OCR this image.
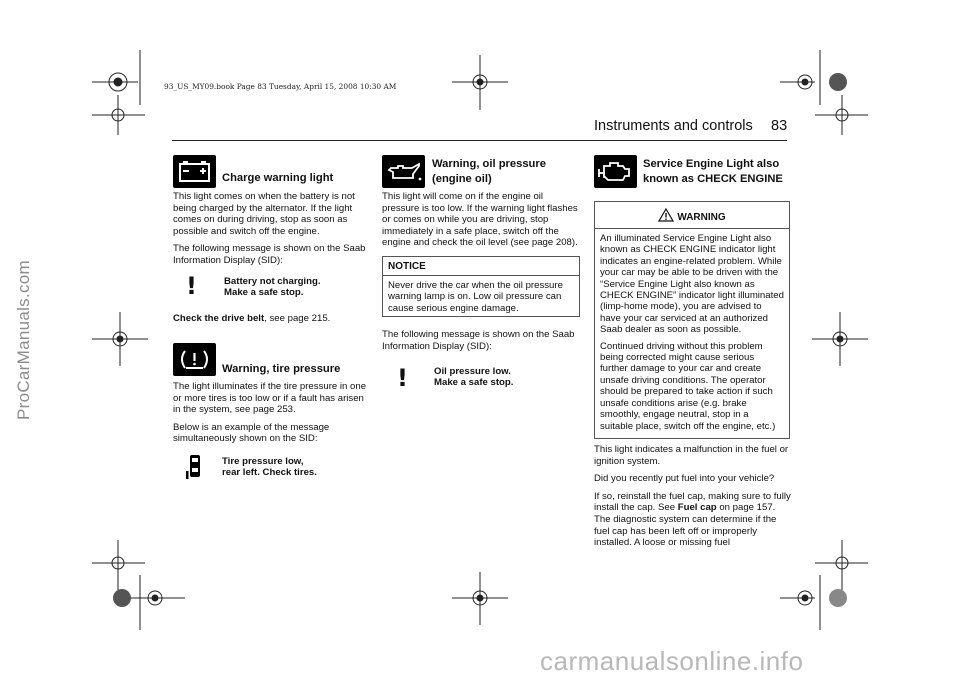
93_US_MY09.book Page 83 Tuesday, April 15, 2008 10:30 AM
ProCarManuals.com
carmanualsonline.info
Instruments and controls 83
Charge warning light

This light comes on when the battery is not being charged by the alternator. If the light comes on during driving, stop as soon as possible and switch off the engine.

The following message is shown on the Saab Information Display (SID):

!	Battery not charging.
Make a safe stop.
Check the drive belt, see page 215.
Warning, tire pressure

The light illuminates if the tire pressure in one or more tires is too low or if a fault has arisen in the system, see page 253.

Below is an example of the message simultaneously shown on the SID:

Tire pressure low,
rear left. Check tires.
Warning, oil pressure
(engine oil)

This light will come on if the engine oil pressure is too low. If the warning light flashes or comes on while you are driving, stop immediately in a safe place, switch off the engine and check the oil level (see page 208).

NOTICE
Never drive the car when the oil pressure warning lamp is on. Low oil pressure can cause serious engine damage.

The following message is shown on the Saab Information Display (SID):

!	Oil pressure low.
Make a safe stop.
Service Engine Light also
known as CHECK ENGINE
WARNING

An illuminated Service Engine Light also known as CHECK ENGINE indicator light indicates an engine-related problem. While your car may be able to be driven with the “Service Engine Light also known as CHECK ENGINE” indicator light illuminated (limp-home mode), you are advised to have your car serviced at an authorized Saab dealer as soon as possible.

Continued driving without this problem being corrected might cause serious further damage to your car and create unsafe driving conditions. The operator should be prepared to take action if such unsafe conditions arise (e.g. brake smoothly, engage neutral, stop in a suitable place, switch off the engine, etc.)

This light indicates a malfunction in the fuel or ignition system.

Did you recently put fuel into your vehicle?

If so, reinstall the fuel cap, making sure to fully install the cap. See Fuel cap on page 157. The diagnostic system can determine if the fuel cap has been left off or improperly installed. A loose or missing fuel
